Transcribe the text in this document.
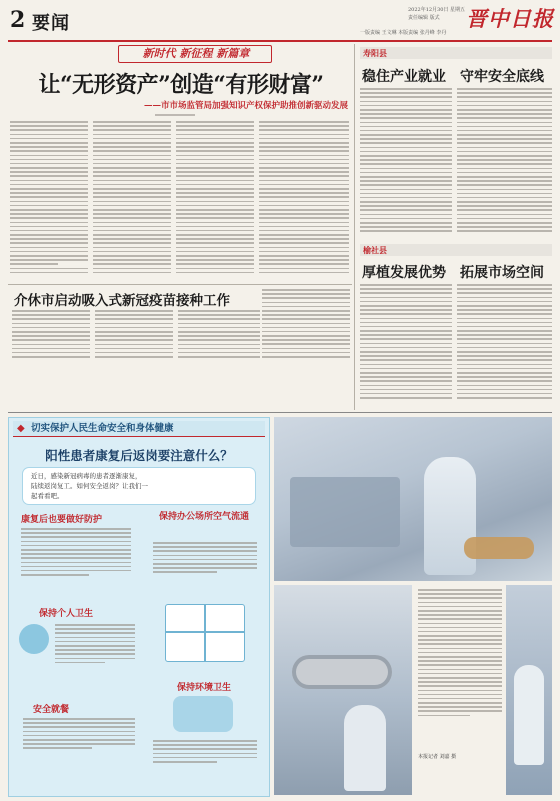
2 要闻	一版责编 王文琳 本版责编 张丹峰 李丹
2022年12月30日 星期五
责任编辑 版式 晋中日报
新时代 新征程 新篇章
让“无形资产”创造“有形财富”
——市市场监管局加强知识产权保护助推创新驱动发展
介休市启动吸入式新冠疫苗接种工作
寿阳县
稳住产业就业 守牢安全底线
榆社县
厚植发展优势 拓展市场空间
◆ 切实保护人民生命安全和身体健康
阳性患者康复后返岗要注意什么？
近日，感染新冠病毒的患者逐渐康复，
陆续返岗复工。如何安全返岗？让我们一
起看看吧。
康复后也要做好防护
保持个人卫生
安全就餐
保持办公场所空气流通
保持环境卫生
本报记者 刘嘉 摄
